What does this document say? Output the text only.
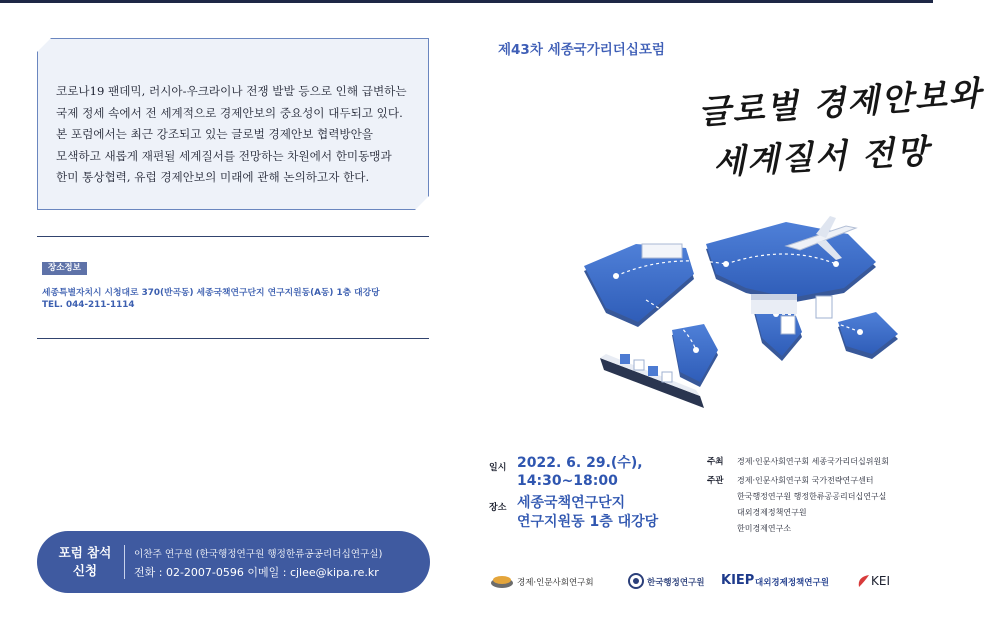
코로나19 팬데믹, 러시아-우크라이나 전쟁 발발 등으로 인해 급변하는
국제 정세 속에서 전 세계적으로 경제안보의 중요성이 대두되고 있다.
본 포럼에서는 최근 강조되고 있는 글로벌 경제안보 협력방안을
모색하고 새롭게 재편될 세계질서를 전망하는 차원에서 한미동맹과
한미 통상협력, 유럽 경제안보의 미래에 관해 논의하고자 한다.
장소정보
세종특별자치시 시청대로 370(반곡동) 세종국책연구단지 연구지원동(A동) 1층 대강당
TEL. 044-211-1114
포럼 참석
신청
이찬주 연구원 (한국행정연구원 행정한류공공리더십연구실)
전화 : 02-2007-0596 이메일 : cjlee@kipa.re.kr
제43차 세종국가리더십포럼
글로벌 경제안보와
세계질서 전망
일시 2022. 6. 29.(수),
14:30~18:00
장소 세종국책연구단지
연구지원동 1층 대강당
주최 경제·인문사회연구회 세종국가리더십위원회
주관 경제·인문사회연구회 국가전략연구센터
한국행정연구원 행정한류공공리더십연구실
대외경제정책연구원
한미경제연구소
경제·인문사회연구회	한국행정연구원 KIEP 대외경제정책연구원	KEI
